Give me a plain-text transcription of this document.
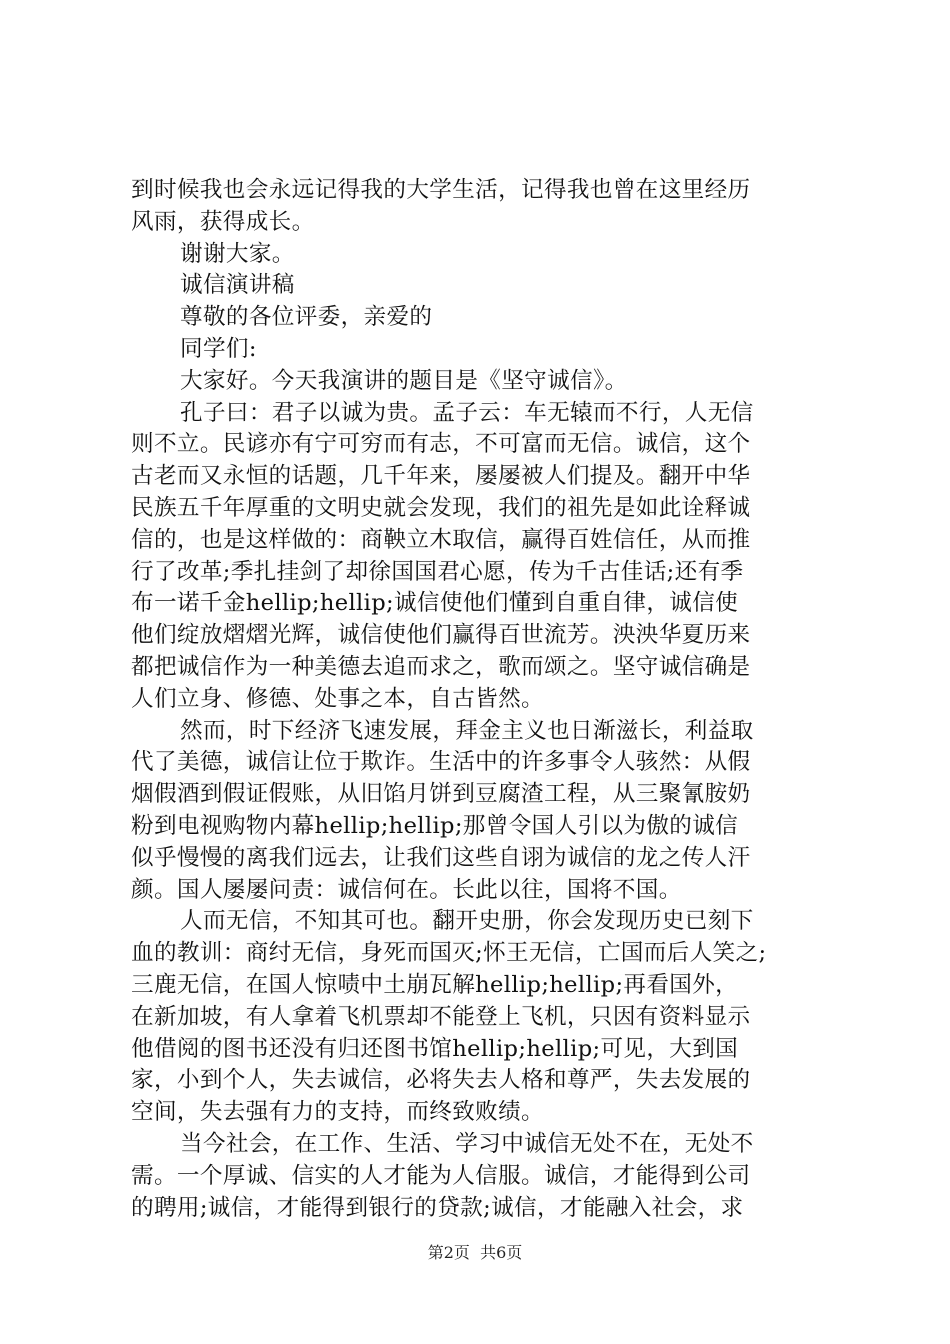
到时候我也会永远记得我的大学生活，记得我也曾在这里经历
风雨，获得成长。
谢谢大家。
诚信演讲稿
尊敬的各位评委，亲爱的
同学们:
大家好。今天我演讲的题目是《坚守诚信》。
孔子曰：君子以诚为贵。孟子云：车无辕而不行，人无信
则不立。民谚亦有宁可穷而有志，不可富而无信。诚信，这个
古老而又永恒的话题，几千年来，屡屡被人们提及。翻开中华
民族五千年厚重的文明史就会发现，我们的祖先是如此诠释诚
信的，也是这样做的：商鞅立木取信，赢得百姓信任，从而推
行了改革;季扎挂剑了却徐国国君心愿，传为千古佳话;还有季
布一诺千金hellip;hellip;诚信使他们懂到自重自律，诚信使
他们绽放熠熠光辉，诚信使他们赢得百世流芳。泱泱华夏历来
都把诚信作为一种美德去追而求之，歌而颂之。坚守诚信确是
人们立身、修德、处事之本，自古皆然。
然而，时下经济飞速发展，拜金主义也日渐滋长，利益取
代了美德，诚信让位于欺诈。生活中的许多事令人骇然：从假
烟假酒到假证假账，从旧馅月饼到豆腐渣工程，从三聚氰胺奶
粉到电视购物内幕hellip;hellip;那曾令国人引以为傲的诚信
似乎慢慢的离我们远去，让我们这些自诩为诚信的龙之传人汗
颜。国人屡屡问责：诚信何在。长此以往，国将不国。
人而无信，不知其可也。翻开史册，你会发现历史已刻下
血的教训：商纣无信，身死而国灭;怀王无信，亡国而后人笑之;
三鹿无信，在国人惊啧中土崩瓦解hellip;hellip;再看国外，
在新加坡，有人拿着飞机票却不能登上飞机，只因有资料显示
他借阅的图书还没有归还图书馆hellip;hellip;可见，大到国
家，小到个人，失去诚信，必将失去人格和尊严，失去发展的
空间，失去强有力的支持，而终致败绩。
当今社会，在工作、生活、学习中诚信无处不在，无处不
需。一个厚诚、信实的人才能为人信服。诚信，才能得到公司
的聘用;诚信，才能得到银行的贷款;诚信，才能融入社会，求
第2页 共6页
